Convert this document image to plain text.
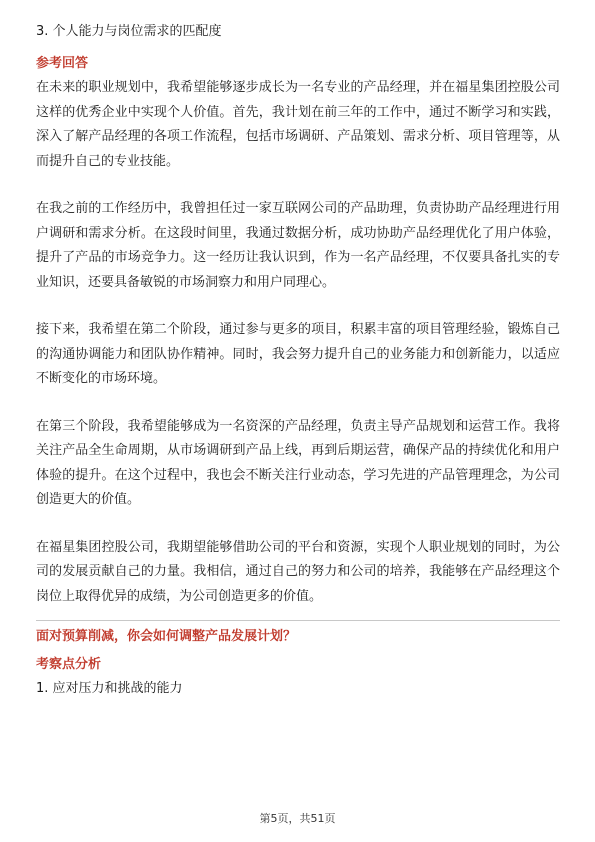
3. 个人能力与岗位需求的匹配度

参考回答

在未来的职业规划中，我希望能够逐步成长为一名专业的产品经理，并在福星集团控股公司这样的优秀企业中实现个人价值。首先，我计划在前三年的工作中，通过不断学习和实践，深入了解产品经理的各项工作流程，包括市场调研、产品策划、需求分析、项目管理等，从而提升自己的专业技能。

在我之前的工作经历中，我曾担任过一家互联网公司的产品助理，负责协助产品经理进行用户调研和需求分析。在这段时间里，我通过数据分析，成功协助产品经理优化了用户体验，提升了产品的市场竞争力。这一经历让我认识到，作为一名产品经理，不仅要具备扎实的专业知识，还要具备敏锐的市场洞察力和用户同理心。

接下来，我希望在第二个阶段，通过参与更多的项目，积累丰富的项目管理经验，锻炼自己的沟通协调能力和团队协作精神。同时，我会努力提升自己的业务能力和创新能力，以适应不断变化的市场环境。

在第三个阶段，我希望能够成为一名资深的产品经理，负责主导产品规划和运营工作。我将关注产品全生命周期，从市场调研到产品上线，再到后期运营，确保产品的持续优化和用户体验的提升。在这个过程中，我也会不断关注行业动态，学习先进的产品管理理念，为公司创造更大的价值。

在福星集团控股公司，我期望能够借助公司的平台和资源，实现个人职业规划的同时，为公司的发展贡献自己的力量。我相信，通过自己的努力和公司的培养，我能够在产品经理这个岗位上取得优异的成绩，为公司创造更多的价值。

面对预算削减，你会如何调整产品发展计划？

考察点分析

1. 应对压力和挑战的能力

第5页，共51页
